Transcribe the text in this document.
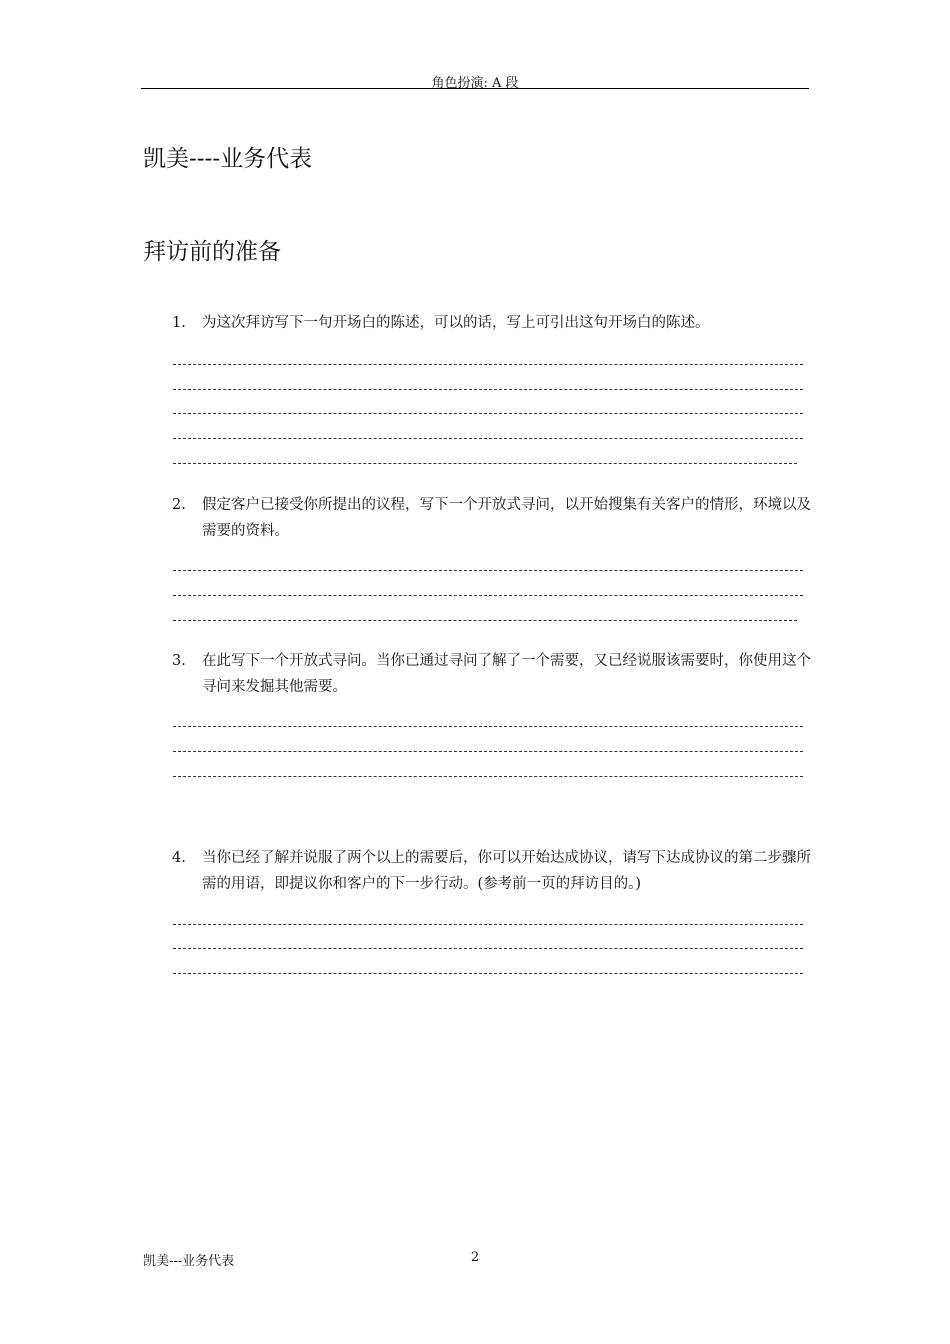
角色扮演: A 段
凯美----业务代表
拜访前的准备
1. 为这次拜访写下一句开场白的陈述，可以的话，写上可引出这句开场白的陈述。
2. 假定客户已接受你所提出的议程，写下一个开放式寻问，以开始搜集有关客户的情形，环境以及需要的资料。
3. 在此写下一个开放式寻问。当你已通过寻问了解了一个需要，又已经说服该需要时，你使用这个寻问来发掘其他需要。
4. 当你已经了解并说服了两个以上的需要后，你可以开始达成协议，请写下达成协议的第二步骤所需的用语，即提议你和客户的下一步行动。(参考前一页的拜访目的。)
凯美---业务代表	2
